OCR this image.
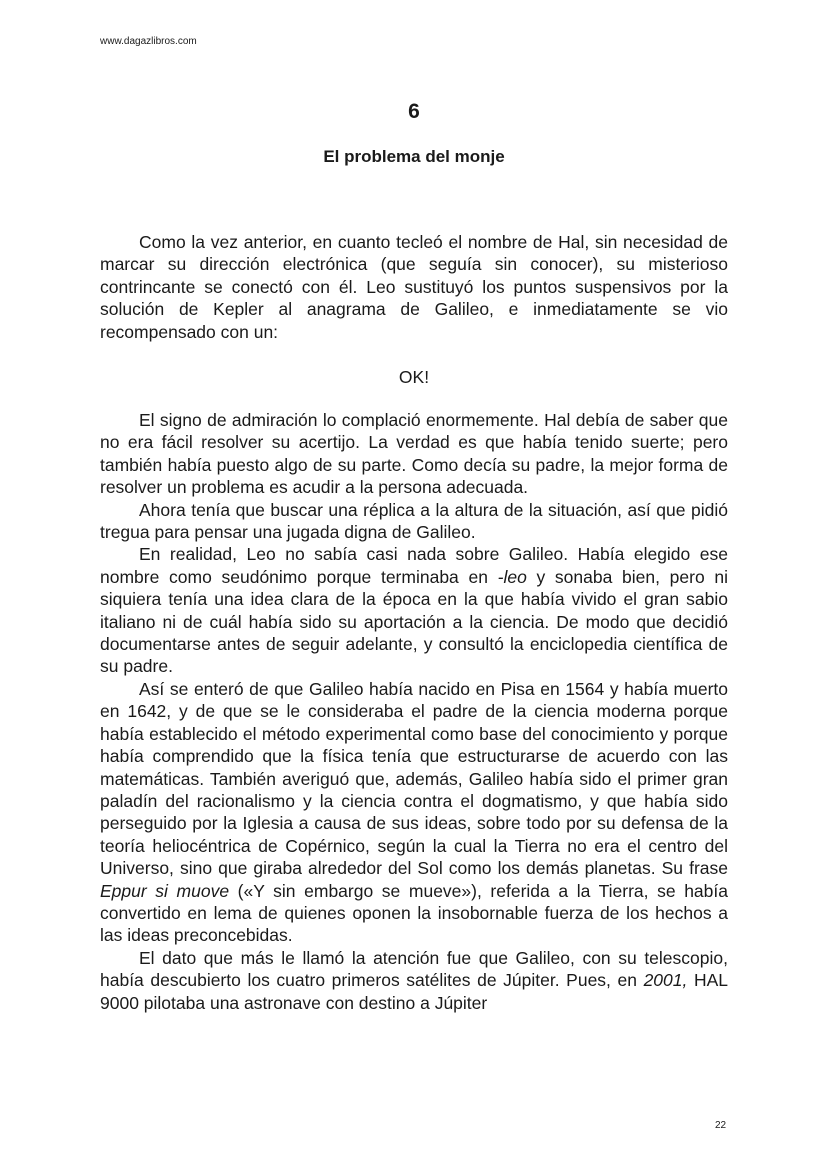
www.dagazlibros.com
6
El problema del monje

Como la vez anterior, en cuanto tecleó el nombre de Hal, sin necesidad de marcar su dirección electrónica (que seguía sin conocer), su misterioso contrincante se conectó con él. Leo sustituyó los puntos suspensivos por la solución de Kepler al anagrama de Galileo, e inmediatamente se vio recompensado con un:

OK!

El signo de admiración lo complació enormemente. Hal debía de saber que no era fácil resolver su acertijo. La verdad es que había tenido suerte; pero también había puesto algo de su parte. Como decía su padre, la mejor forma de resolver un problema es acudir a la persona adecuada.

Ahora tenía que buscar una réplica a la altura de la situación, así que pidió tregua para pensar una jugada digna de Galileo.

En realidad, Leo no sabía casi nada sobre Galileo. Había elegido ese nombre como seudónimo porque terminaba en -leo y sonaba bien, pero ni siquiera tenía una idea clara de la época en la que había vivido el gran sabio italiano ni de cuál había sido su aportación a la ciencia. De modo que decidió documentarse antes de seguir adelante, y consultó la enciclopedia científica de su padre.

Así se enteró de que Galileo había nacido en Pisa en 1564 y había muerto en 1642, y de que se le consideraba el padre de la ciencia moderna porque había establecido el método experimental como base del conocimiento y porque había comprendido que la física tenía que estructurarse de acuerdo con las matemáticas. También averiguó que, además, Galileo había sido el primer gran paladín del racionalismo y la ciencia contra el dogmatismo, y que había sido perseguido por la Iglesia a causa de sus ideas, sobre todo por su defensa de la teoría heliocéntrica de Copérnico, según la cual la Tierra no era el centro del Universo, sino que giraba alrededor del Sol como los demás planetas. Su frase Eppur si muove («Y sin embargo se mueve»), referida a la Tierra, se había convertido en lema de quienes oponen la insobornable fuerza de los hechos a las ideas preconcebidas.

El dato que más le llamó la atención fue que Galileo, con su telescopio, había descubierto los cuatro primeros satélites de Júpiter. Pues, en 2001, HAL 9000 pilotaba una astronave con destino a Júpiter

22
